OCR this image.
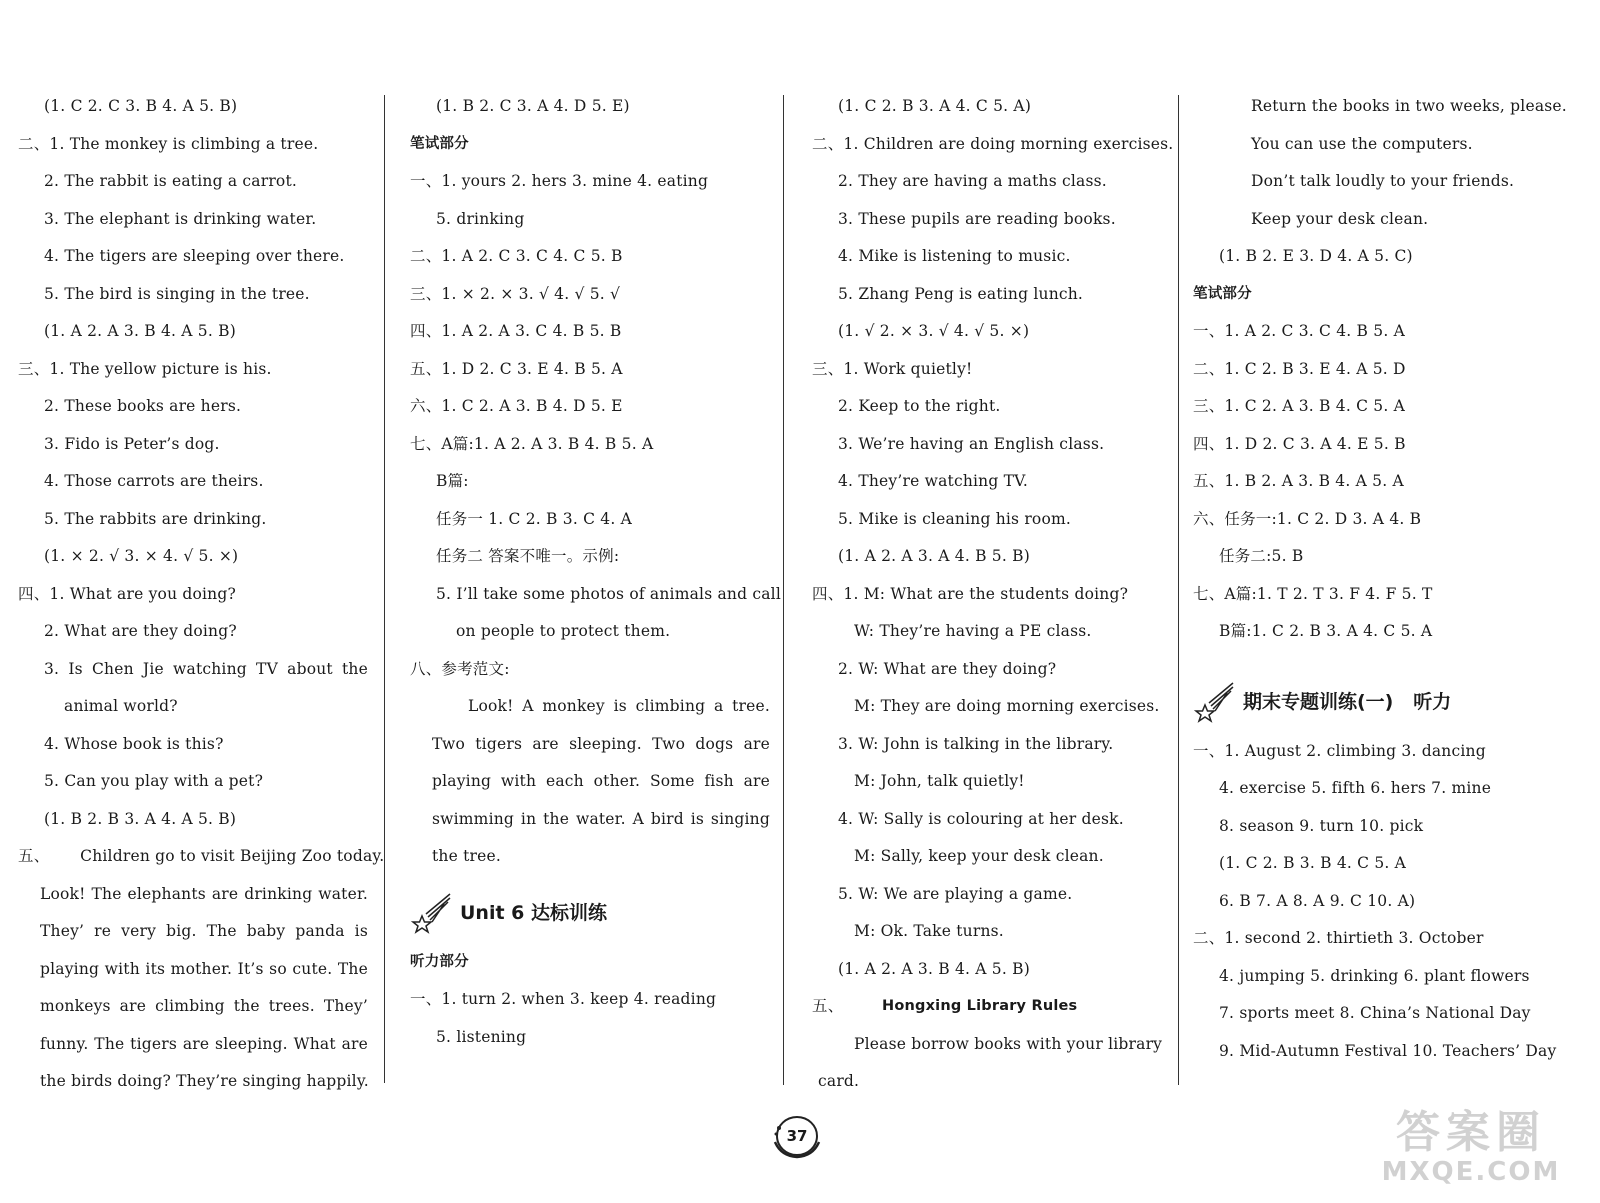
(1. C 2. C 3. B 4. A 5. B)
二、1. The monkey is climbing a tree.
2. The rabbit is eating a carrot.
3. The elephant is drinking water.
4. The tigers are sleeping over there.
5. The bird is singing in the tree.
(1. A 2. A 3. B 4. A 5. B)
三、1. The yellow picture is his.
2. These books are hers.
3. Fido is Peter’s dog.
4. Those carrots are theirs.
5. The rabbits are drinking.
(1. × 2. √ 3. × 4. √ 5. ×)
四、1. What are you doing?
2. What are they doing?
3. Is Chen Jie watching TV about the
animal world?
4. Whose book is this?
5. Can you play with a pet?
(1. B 2. B 3. A 4. A 5. B)
五、      Children go to visit Beijing Zoo today.
Look! The elephants are drinking water.
They’ re very big. The baby panda is
playing with its mother. It’s so cute. The
monkeys are climbing the trees. They’
funny. The tigers are sleeping. What are
the birds doing? They’re singing happily.
(1. B 2. C 3. A 4. D 5. E)
笔试部分
一、1. yours 2. hers 3. mine 4. eating
5. drinking
二、1. A 2. C 3. C 4. C 5. B
三、1. × 2. × 3. √ 4. √ 5. √
四、1. A 2. A 3. C 4. B 5. B
五、1. D 2. C 3. E 4. B 5. A
六、1. C 2. A 3. B 4. D 5. E
七、A篇:1. A 2. A 3. B 4. B 5. A
B篇:
任务一 1. C 2. B 3. C 4. A
任务二 答案不唯一。示例:
5. I’ll take some photos of animals and call
on people to protect them.
八、参考范文:
Look! A monkey is climbing a tree.
Two tigers are sleeping. Two dogs are
playing with each other. Some fish are
swimming in the water. A bird is singing
the tree.
Unit 6 达标训练
听力部分
一、1. turn 2. when 3. keep 4. reading
5. listening
(1. C 2. B 3. A 4. C 5. A)
二、1. Children are doing morning exercises.
2. They are having a maths class.
3. These pupils are reading books.
4. Mike is listening to music.
5. Zhang Peng is eating lunch.
(1. √ 2. × 3. √ 4. √ 5. ×)
三、1. Work quietly!
2. Keep to the right.
3. We’re having an English class.
4. They’re watching TV.
5. Mike is cleaning his room.
(1. A 2. A 3. A 4. B 5. B)
四、1. M: What are the students doing?
W: They’re having a PE class.
2. W: What are they doing?
M: They are doing morning exercises.
3. W: John is talking in the library.
M: John, talk quietly!
4. W: Sally is colouring at her desk.
M: Sally, keep your desk clean.
5. W: We are playing a game.
M: Ok. Take turns.
(1. A 2. A 3. B 4. A 5. B)
五、	Hongxing Library Rules
Please borrow books with your library
card.
Return the books in two weeks, please.
You can use the computers.
Don’t talk loudly to your friends.
Keep your desk clean.
(1. B 2. E 3. D 4. A 5. C)
笔试部分
一、1. A 2. C 3. C 4. B 5. A
二、1. C 2. B 3. E 4. A 5. D
三、1. C 2. A 3. B 4. C 5. A
四、1. D 2. C 3. A 4. E 5. B
五、1. B 2. A 3. B 4. A 5. A
六、任务一:1. C 2. D 3. A 4. B
任务二:5. B
七、A篇:1. T 2. T 3. F 4. F 5. T
B篇:1. C 2. B 3. A 4. C 5. A
期末专题训练(一)   听力
一、1. August 2. climbing 3. dancing
4. exercise 5. fifth 6. hers 7. mine
8. season 9. turn 10. pick
(1. C 2. B 3. B 4. C 5. A
6. B 7. A 8. A 9. C 10. A)
二、1. second 2. thirtieth 3. October
4. jumping 5. drinking 6. plant flowers
7. sports meet 8. China’s National Day
9. Mid-Autumn Festival 10. Teachers’ Day
37	答案圈
MXQE.COM
